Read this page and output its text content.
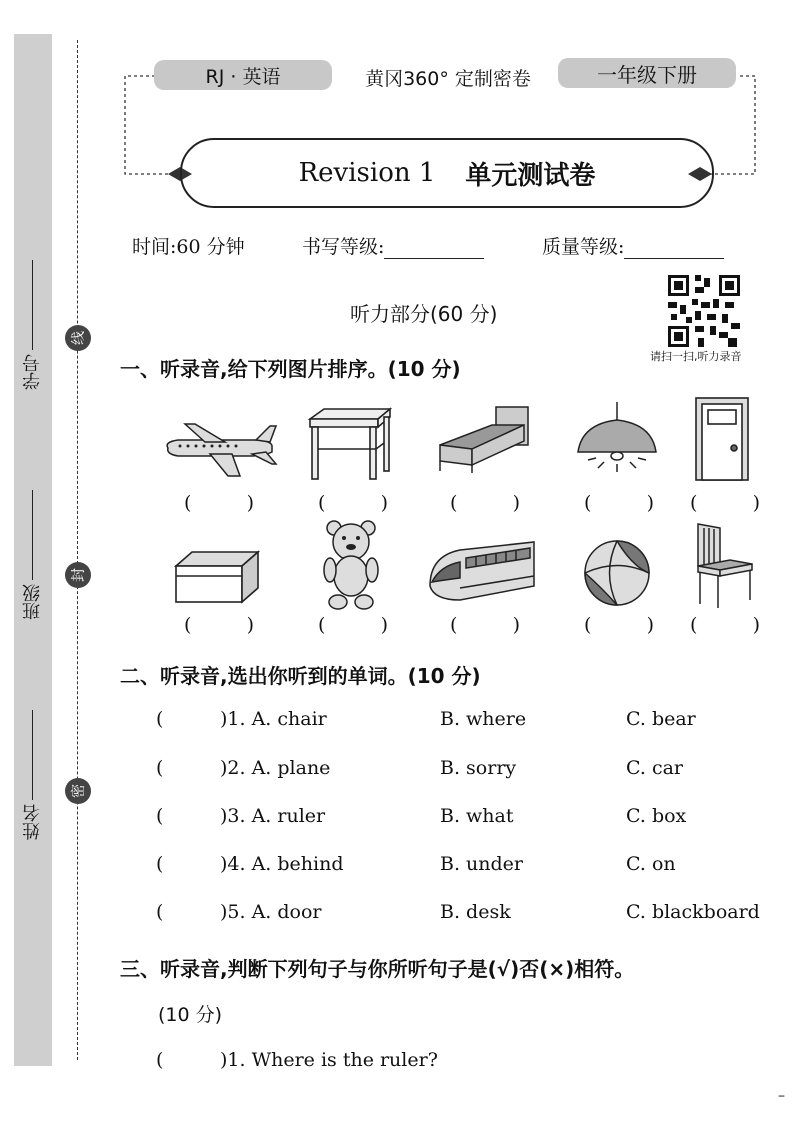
学号
班级
姓名
线
封
密
RJ · 英语	黄冈360° 定制密卷	一年级下册
Revision 1 单元测试卷
时间:60 分钟	书写等级:	质量等级:
请扫一扫,听力录音
听力部分(60 分)
一、听录音,给下列图片排序。(10 分)
(	)	(	)	(	)	(	) (	)
(	)	(	)	(	)	(	) (	)
二、听录音,选出你听到的单词。(10 分)
(	)1. A. chair	B. where	C. bear
(	)2. A. plane	B. sorry	C. car
(	)3. A. ruler	B. what	C. box
(	)4. A. behind	B. under	C. on
(	)5. A. door	B. desk	C. blackboard
三、听录音,判断下列句子与你所听句子是(√)否(×)相符。
(10 分)
(	)1. Where is the ruler?
–
